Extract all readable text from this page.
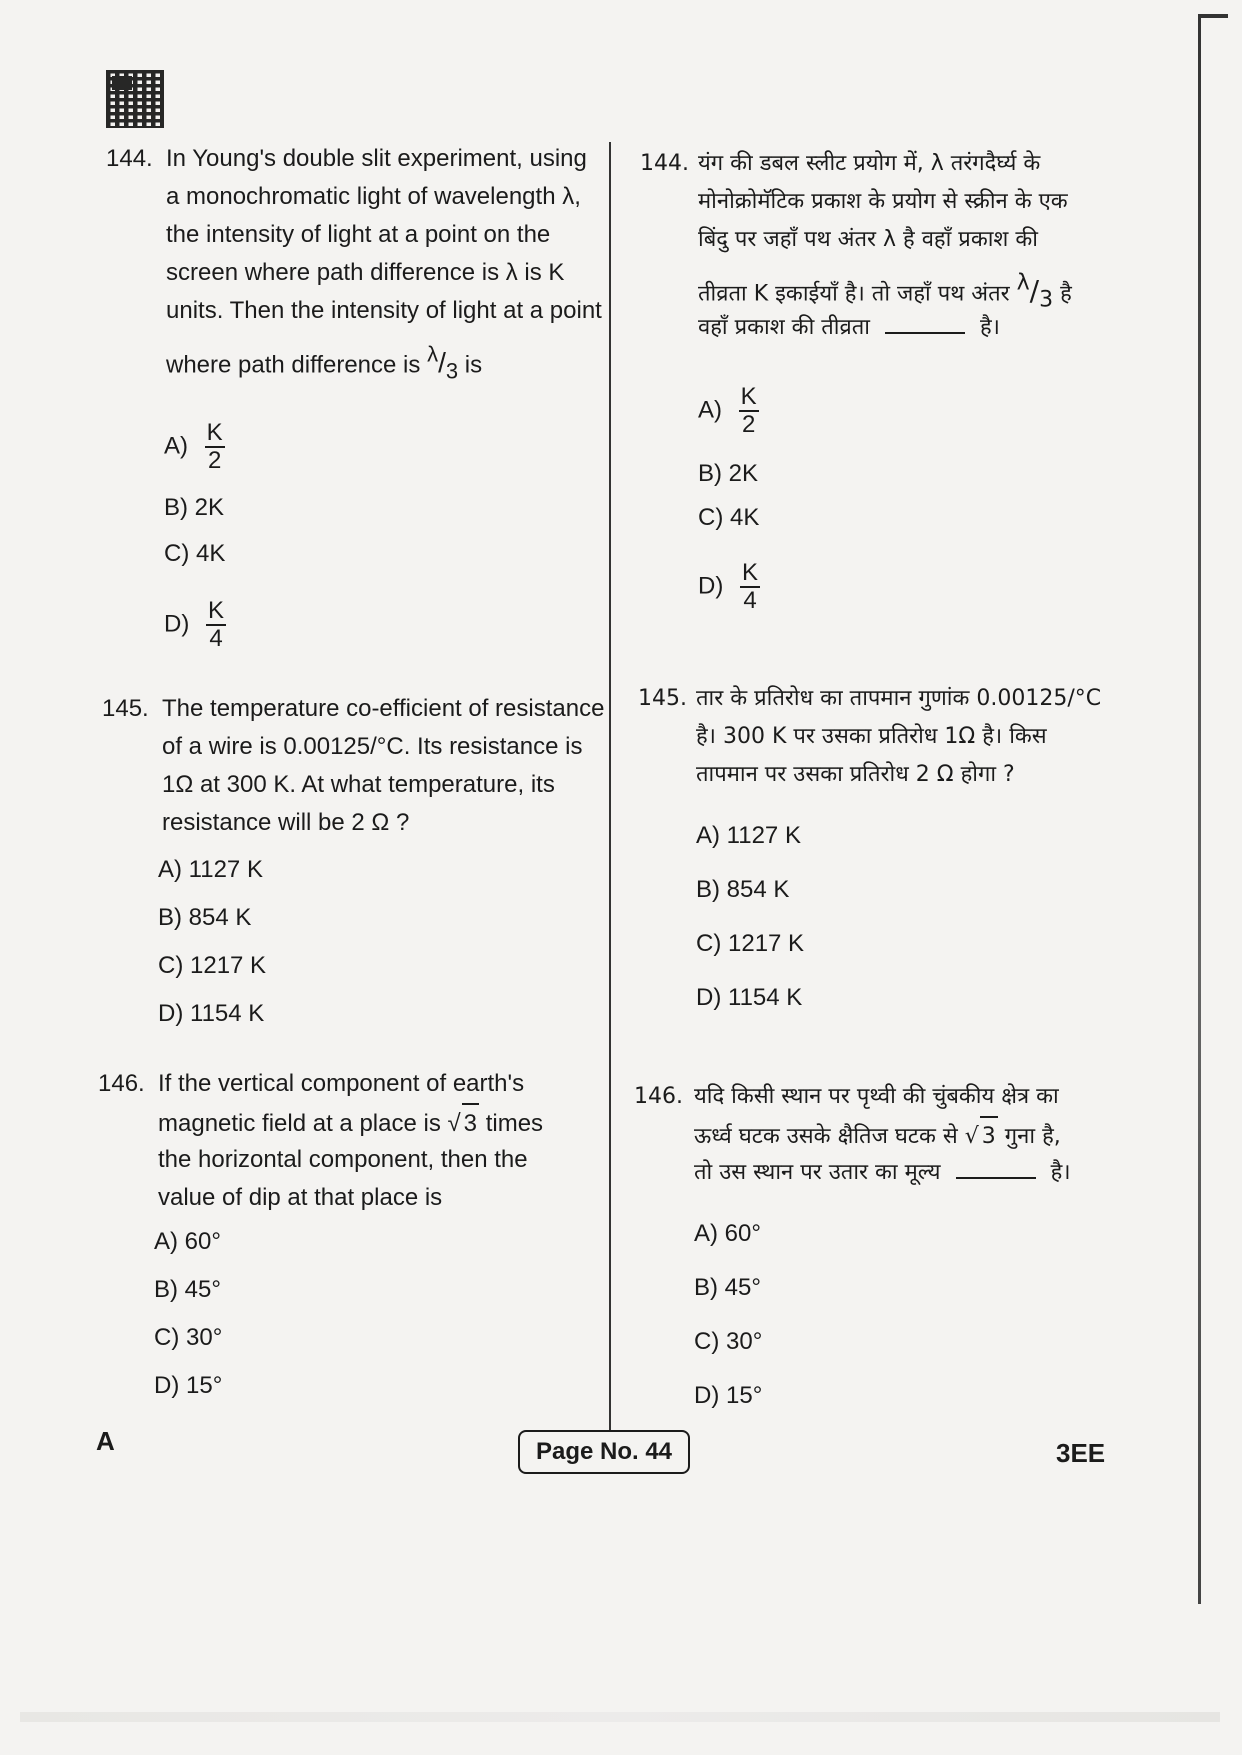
144. In Young's double slit experiment, using
a monochromatic light of wavelength λ,
the intensity of light at a point on the
screen where path difference is λ is K
units. Then the intensity of light at a point
where path difference is $^\lambda/_3$ is
$A) \frac{K}{2}$
B) 2K
C) 4K
$D) \frac{K}{4}$
145. The temperature co-efficient of resistance
of a wire is 0.00125/°C. Its resistance is
1Ω at 300 K. At what temperature, its
resistance will be 2 Ω ?
A) 1127 K
B) 854 K
C) 1217 K
D) 1154 K
146. If the vertical component of earth's
magnetic field at a place is √ 3 times
the horizontal component, then the
value of dip at that place is
A) 60°
B) 45°
C) 30°
D) 15°
144. यंग की डबल स्लीट प्रयोग में, λ तरंगदैर्घ्य के
मोनोक्रोमॅटिक प्रकाश के प्रयोग से स्क्रीन के एक
बिंदु पर जहाँ पथ अंतर λ है वहाँ प्रकाश की
तीव्रता K इकाईयाँ है। तो जहाँ पथ अंतर $^\lambda/_3$ है
वहाँ प्रकाश की तीव्रता	है।
$A) \frac{K}{2}$
B) 2K
C) 4K
$D) \frac{K}{4}$
145. तार के प्रतिरोध का तापमान गुणांक 0.00125/°C
है। 300 K पर उसका प्रतिरोध 1Ω है। किस
तापमान पर उसका प्रतिरोध 2 Ω होगा ?
A) 1127 K
B) 854 K
C) 1217 K
D) 1154 K
146. यदि किसी स्थान पर पृथ्वी की चुंबकीय क्षेत्र का
ऊर्ध्व घटक उसके क्षैतिज घटक से √ 3 गुना है,
तो उस स्थान पर उतार का मूल्य	है।
A) 60°
B) 45°
C) 30°
D) 15°
A	Page No. 44	3EE
